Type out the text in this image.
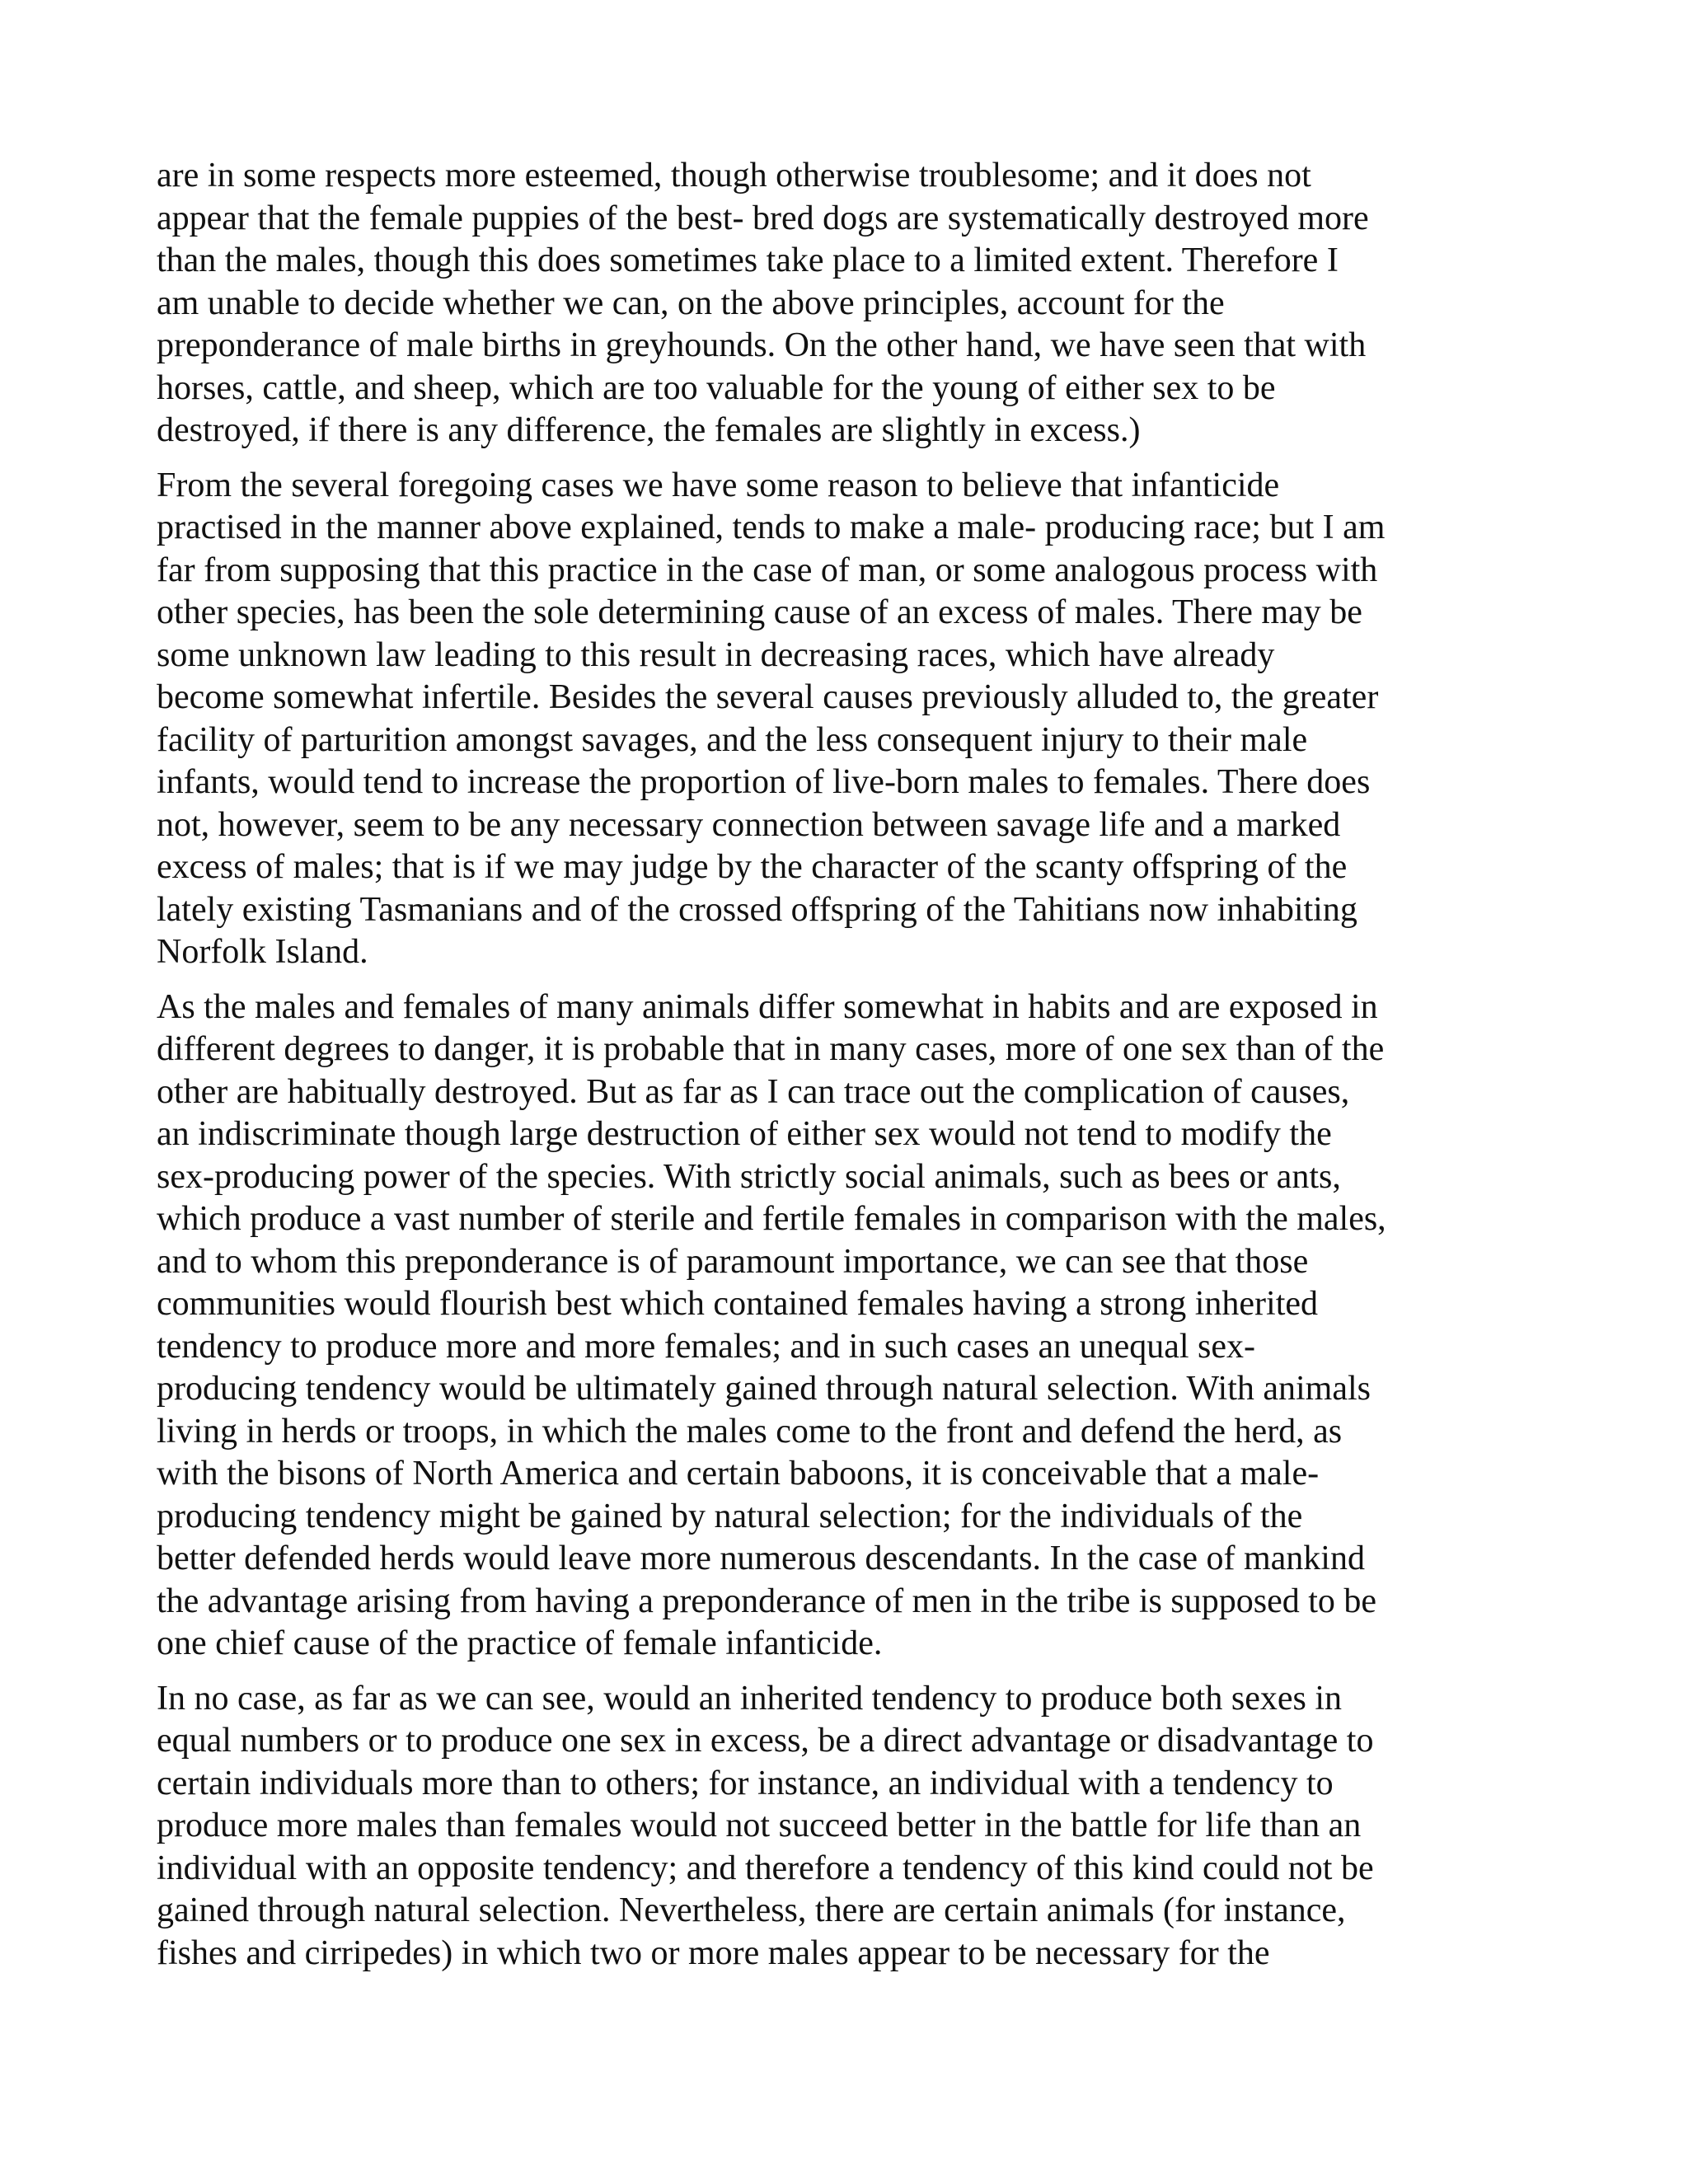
are in some respects more esteemed, though otherwise troublesome; and it does not
appear that the female puppies of the best- bred dogs are systematically destroyed more
than the males, though this does sometimes take place to a limited extent. Therefore I
am unable to decide whether we can, on the above principles, account for the
preponderance of male births in greyhounds. On the other hand, we have seen that with
horses, cattle, and sheep, which are too valuable for the young of either sex to be
destroyed, if there is any difference, the females are slightly in excess.)

From the several foregoing cases we have some reason to believe that infanticide
practised in the manner above explained, tends to make a male- producing race; but I am
far from supposing that this practice in the case of man, or some analogous process with
other species, has been the sole determining cause of an excess of males. There may be
some unknown law leading to this result in decreasing races, which have already
become somewhat infertile. Besides the several causes previously alluded to, the greater
facility of parturition amongst savages, and the less consequent injury to their male
infants, would tend to increase the proportion of live-born males to females. There does
not, however, seem to be any necessary connection between savage life and a marked
excess of males; that is if we may judge by the character of the scanty offspring of the
lately existing Tasmanians and of the crossed offspring of the Tahitians now inhabiting
Norfolk Island.

As the males and females of many animals differ somewhat in habits and are exposed in
different degrees to danger, it is probable that in many cases, more of one sex than of the
other are habitually destroyed. But as far as I can trace out the complication of causes,
an indiscriminate though large destruction of either sex would not tend to modify the
sex-producing power of the species. With strictly social animals, such as bees or ants,
which produce a vast number of sterile and fertile females in comparison with the males,
and to whom this preponderance is of paramount importance, we can see that those
communities would flourish best which contained females having a strong inherited
tendency to produce more and more females; and in such cases an unequal sex-
producing tendency would be ultimately gained through natural selection. With animals
living in herds or troops, in which the males come to the front and defend the herd, as
with the bisons of North America and certain baboons, it is conceivable that a male-
producing tendency might be gained by natural selection; for the individuals of the
better defended herds would leave more numerous descendants. In the case of mankind
the advantage arising from having a preponderance of men in the tribe is supposed to be
one chief cause of the practice of female infanticide.

In no case, as far as we can see, would an inherited tendency to produce both sexes in
equal numbers or to produce one sex in excess, be a direct advantage or disadvantage to
certain individuals more than to others; for instance, an individual with a tendency to
produce more males than females would not succeed better in the battle for life than an
individual with an opposite tendency; and therefore a tendency of this kind could not be
gained through natural selection. Nevertheless, there are certain animals (for instance,
fishes and cirripedes) in which two or more males appear to be necessary for the
